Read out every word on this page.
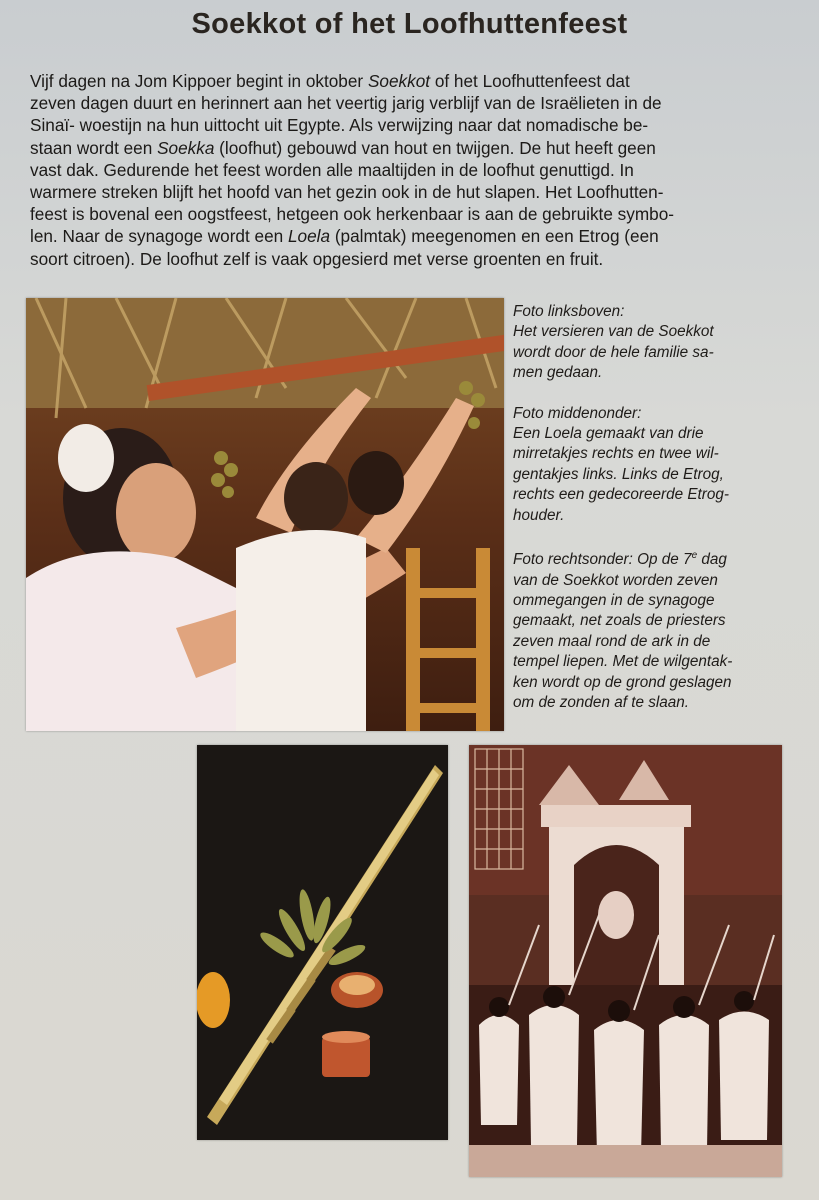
Soekkot of het Loofhuttenfeest
Vijf dagen na Jom Kippoer begint in oktober Soekkot of het Loofhuttenfeest dat
zeven dagen duurt en herinnert aan het veertig jarig verblijf van de Israëlieten in de
Sinaï- woestijn na hun uittocht uit Egypte. Als verwijzing naar dat nomadische be-
staan wordt een Soekka (loofhut) gebouwd van hout en twijgen. De hut heeft geen
vast dak. Gedurende het feest worden alle maaltijden in de loofhut genuttigd. In
warmere streken blijft het hoofd van het gezin ook in de hut slapen. Het Loofhutten-
feest is bovenal een oogstfeest, hetgeen ook herkenbaar is aan de gebruikte symbo-
len. Naar de synagoge wordt een Loela (palmtak) meegenomen en een Etrog (een
soort citroen). De loofhut zelf is vaak opgesierd met verse groenten en fruit.

Foto linksboven:

Het versieren van de Soekkot

wordt door de hele familie sa-

men gedaan.

Foto middenonder:

Een Loela gemaakt van drie

mirretakjes rechts en twee wil-

gentakjes links. Links de Etrog,

rechts een gedecoreerde Etrog-

houder.

Foto rechtsonder: Op de 7e dag

van de Soekkot worden zeven

ommegangen in de synagoge

gemaakt, net zoals de priesters

zeven maal rond de ark in de

tempel liepen. Met de wilgentak-

ken wordt op de grond geslagen

om de zonden af te slaan.
